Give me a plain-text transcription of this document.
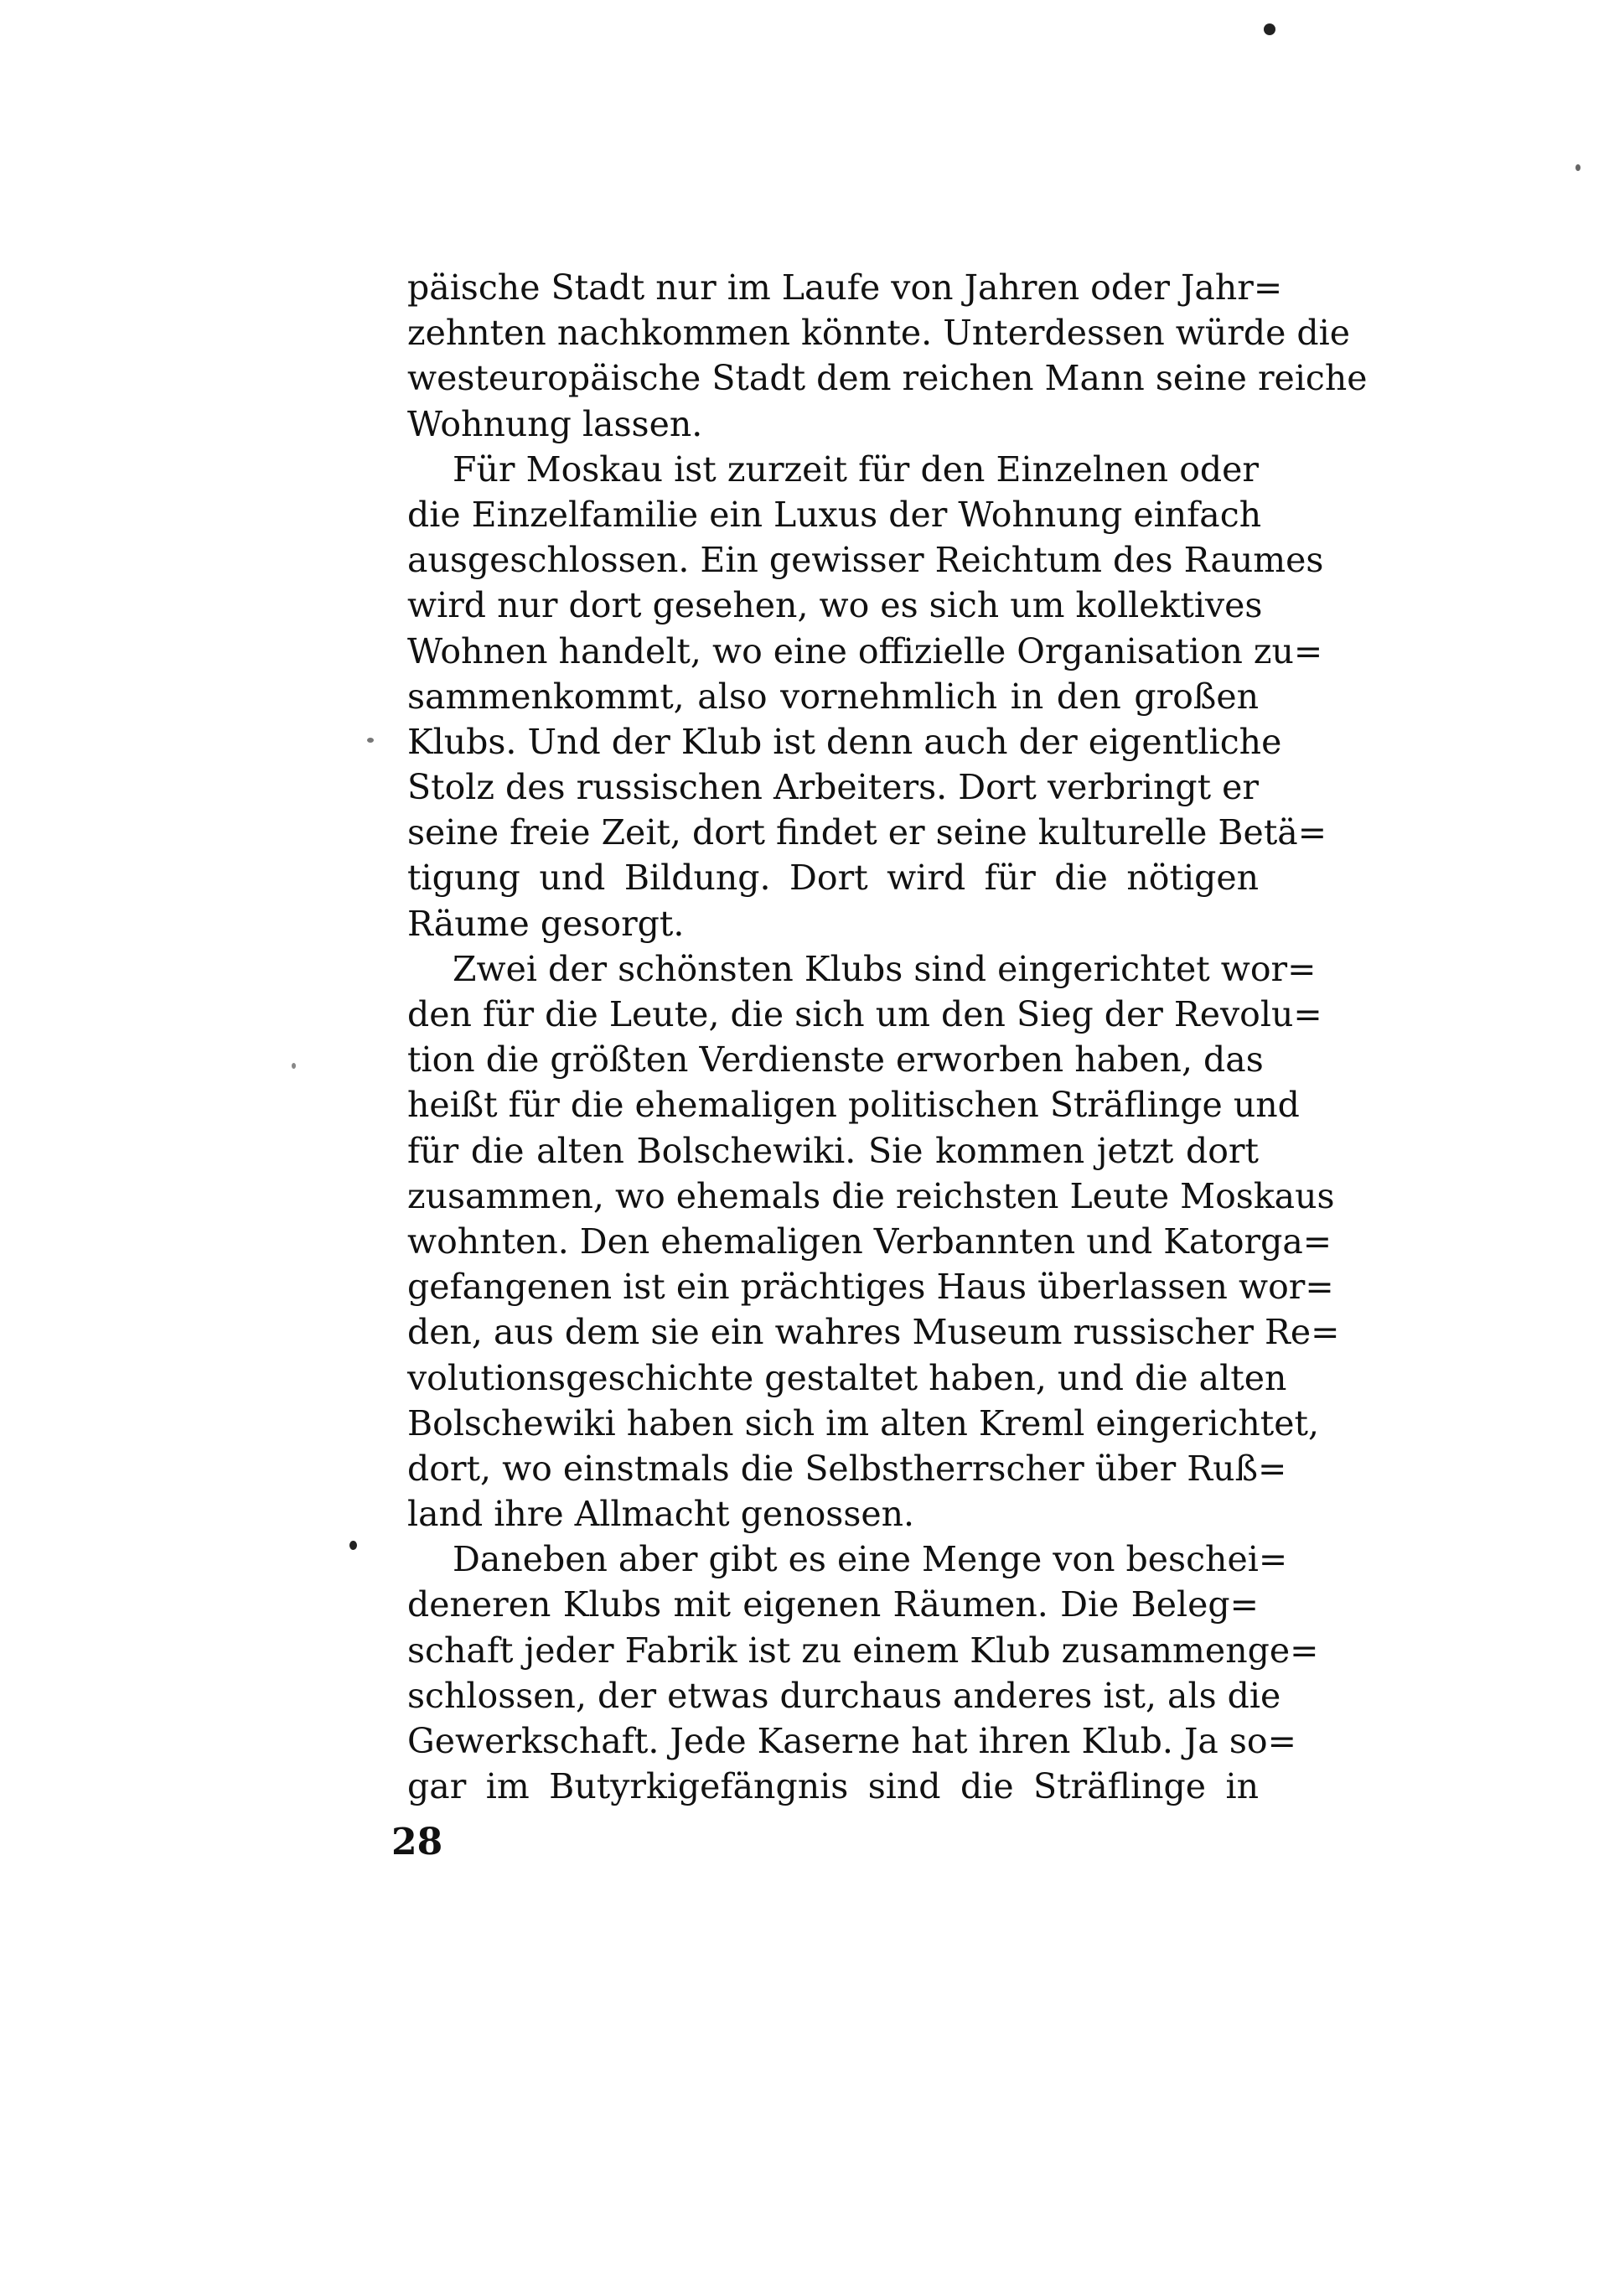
päische Stadt nur im Laufe von Jahren oder Jahr=
zehnten nachkommen könnte. Unterdessen würde die
westeuropäische Stadt dem reichen Mann seine reiche
Wohnung lassen.
Für Moskau ist zurzeit für den Einzelnen oder
die Einzelfamilie ein Luxus der Wohnung einfach
ausgeschlossen. Ein gewisser Reichtum des Raumes
wird nur dort gesehen, wo es sich um kollektives
Wohnen handelt, wo eine offizielle Organisation zu=
sammenkommt, also vornehmlich in den großen
Klubs. Und der Klub ist denn auch der eigentliche
Stolz des russischen Arbeiters. Dort verbringt er
seine freie Zeit, dort findet er seine kulturelle Betä=
tigung und Bildung. Dort wird für die nötigen
Räume gesorgt.
Zwei der schönsten Klubs sind eingerichtet wor=
den für die Leute, die sich um den Sieg der Revolu=
tion die größten Verdienste erworben haben, das
heißt für die ehemaligen politischen Sträflinge und
für die alten Bolschewiki. Sie kommen jetzt dort
zusammen, wo ehemals die reichsten Leute Moskaus
wohnten. Den ehemaligen Verbannten und Katorga=
gefangenen ist ein prächtiges Haus überlassen wor=
den, aus dem sie ein wahres Museum russischer Re=
volutionsgeschichte gestaltet haben, und die alten
Bolschewiki haben sich im alten Kreml eingerichtet,
dort, wo einstmals die Selbstherrscher über Ruß=
land ihre Allmacht genossen.
Daneben aber gibt es eine Menge von beschei=
deneren Klubs mit eigenen Räumen. Die Beleg=
schaft jeder Fabrik ist zu einem Klub zusammenge=
schlossen, der etwas durchaus anderes ist, als die
Gewerkschaft. Jede Kaserne hat ihren Klub. Ja so=
gar im Butyrkigefängnis sind die Sträflinge in
28
